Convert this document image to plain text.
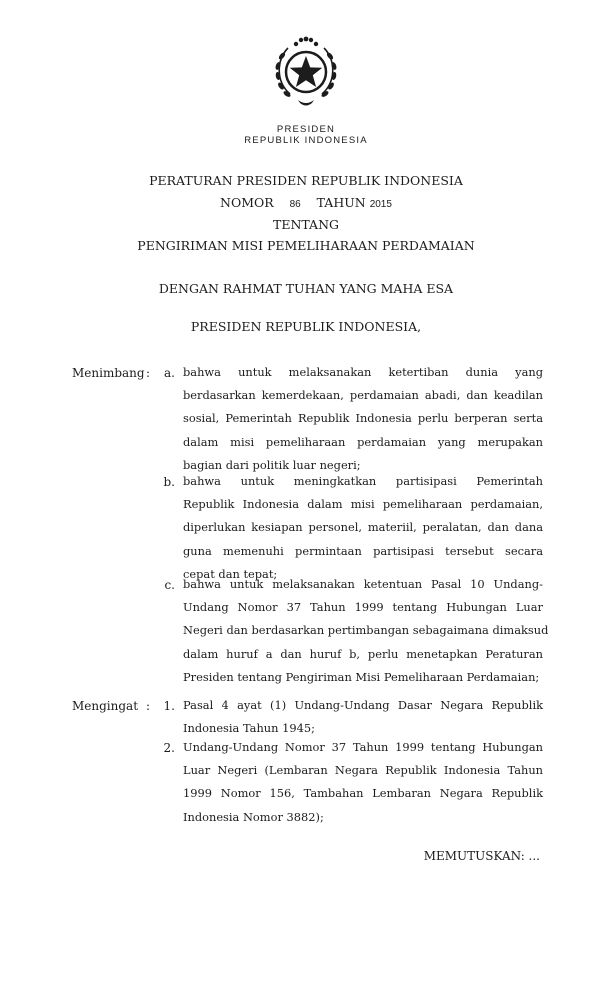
PRESIDEN
REPUBLIK INDONESIA
PERATURAN PRESIDEN REPUBLIK INDONESIA
NOMOR 86 TAHUN 2015
TENTANG
PENGIRIMAN MISI PEMELIHARAAN PERDAMAIAN
DENGAN RAHMAT TUHAN YANG MAHA ESA
PRESIDEN REPUBLIK INDONESIA,
Menimbang :	a. bahwa untuk melaksanakan ketertiban dunia yang
berdasarkan kemerdekaan, perdamaian abadi, dan keadilan
sosial, Pemerintah Republik Indonesia perlu berperan serta
dalam misi pemeliharaan perdamaian yang merupakan
bagian dari politik luar negeri;
b. bahwa untuk meningkatkan partisipasi Pemerintah
Republik Indonesia dalam misi pemeliharaan perdamaian,
diperlukan kesiapan personel, materiil, peralatan, dan dana
guna memenuhi permintaan partisipasi tersebut secara
cepat dan tepat;
c. bahwa untuk melaksanakan ketentuan Pasal 10 Undang-
Undang Nomor 37 Tahun 1999 tentang Hubungan Luar
Negeri dan berdasarkan pertimbangan sebagaimana dimaksud
dalam huruf a dan huruf b, perlu menetapkan Peraturan
Presiden tentang Pengiriman Misi Pemeliharaan Perdamaian;
Mengingat :	1. Pasal 4 ayat (1) Undang-Undang Dasar Negara Republik
Indonesia Tahun 1945;
2. Undang-Undang Nomor 37 Tahun 1999 tentang Hubungan
Luar Negeri (Lembaran Negara Republik Indonesia Tahun
1999 Nomor 156, Tambahan Lembaran Negara Republik
Indonesia Nomor 3882);
MEMUTUSKAN: ...
